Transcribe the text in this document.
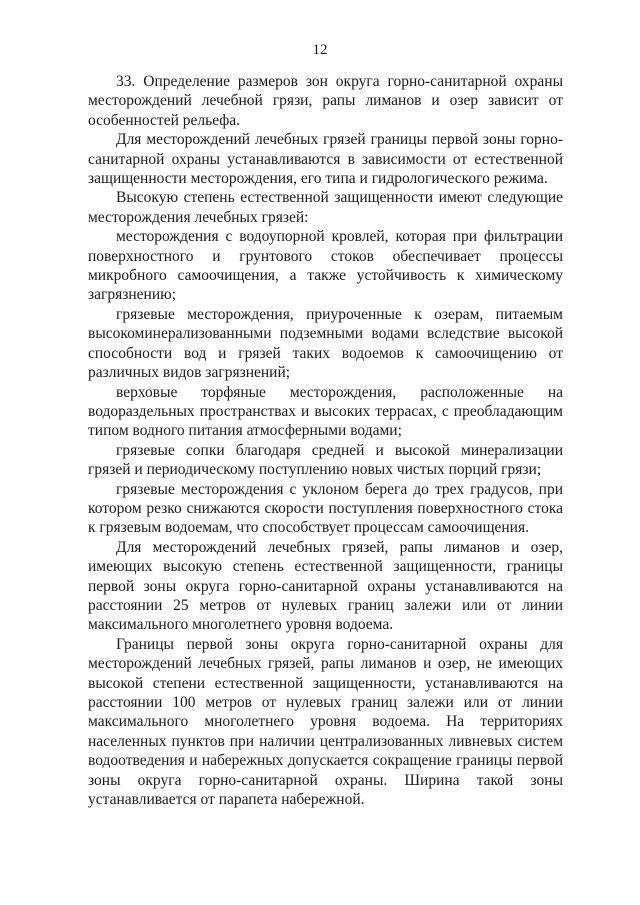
12

33. Определение размеров зон округа горно-санитарной охраны месторождений лечебной грязи, рапы лиманов и озер зависит от особенностей рельефа.

Для месторождений лечебных грязей границы первой зоны горно-санитарной охраны устанавливаются в зависимости от естественной защищенности месторождения, его типа и гидрологического режима.

Высокую степень естественной защищенности имеют следующие месторождения лечебных грязей:

месторождения с водоупорной кровлей, которая при фильтрации поверхностного и грунтового стоков обеспечивает процессы микробного самоочищения, а также устойчивость к химическому загрязнению;

грязевые месторождения, приуроченные к озерам, питаемым высокоминерализованными подземными водами вследствие высокой способности вод и грязей таких водоемов к самоочищению от различных видов загрязнений;

верховые торфяные месторождения, расположенные на водораздельных пространствах и высоких террасах, с преобладающим типом водного питания атмосферными водами;

грязевые сопки благодаря средней и высокой минерализации грязей и периодическому поступлению новых чистых порций грязи;

грязевые месторождения с уклоном берега до трех градусов, при котором резко снижаются скорости поступления поверхностного стока к грязевым водоемам, что способствует процессам самоочищения.

Для месторождений лечебных грязей, рапы лиманов и озер, имеющих высокую степень естественной защищенности, границы первой зоны округа горно-санитарной охраны устанавливаются на расстоянии 25 метров от нулевых границ залежи или от линии максимального многолетнего уровня водоема.

Границы первой зоны округа горно-санитарной охраны для месторождений лечебных грязей, рапы лиманов и озер, не имеющих высокой степени естественной защищенности, устанавливаются на расстоянии 100 метров от нулевых границ залежи или от линии максимального многолетнего уровня водоема. На территориях населенных пунктов при наличии централизованных ливневых систем водоотведения и набережных допускается сокращение границы первой зоны округа горно-санитарной охраны. Ширина такой зоны устанавливается от парапета набережной.
